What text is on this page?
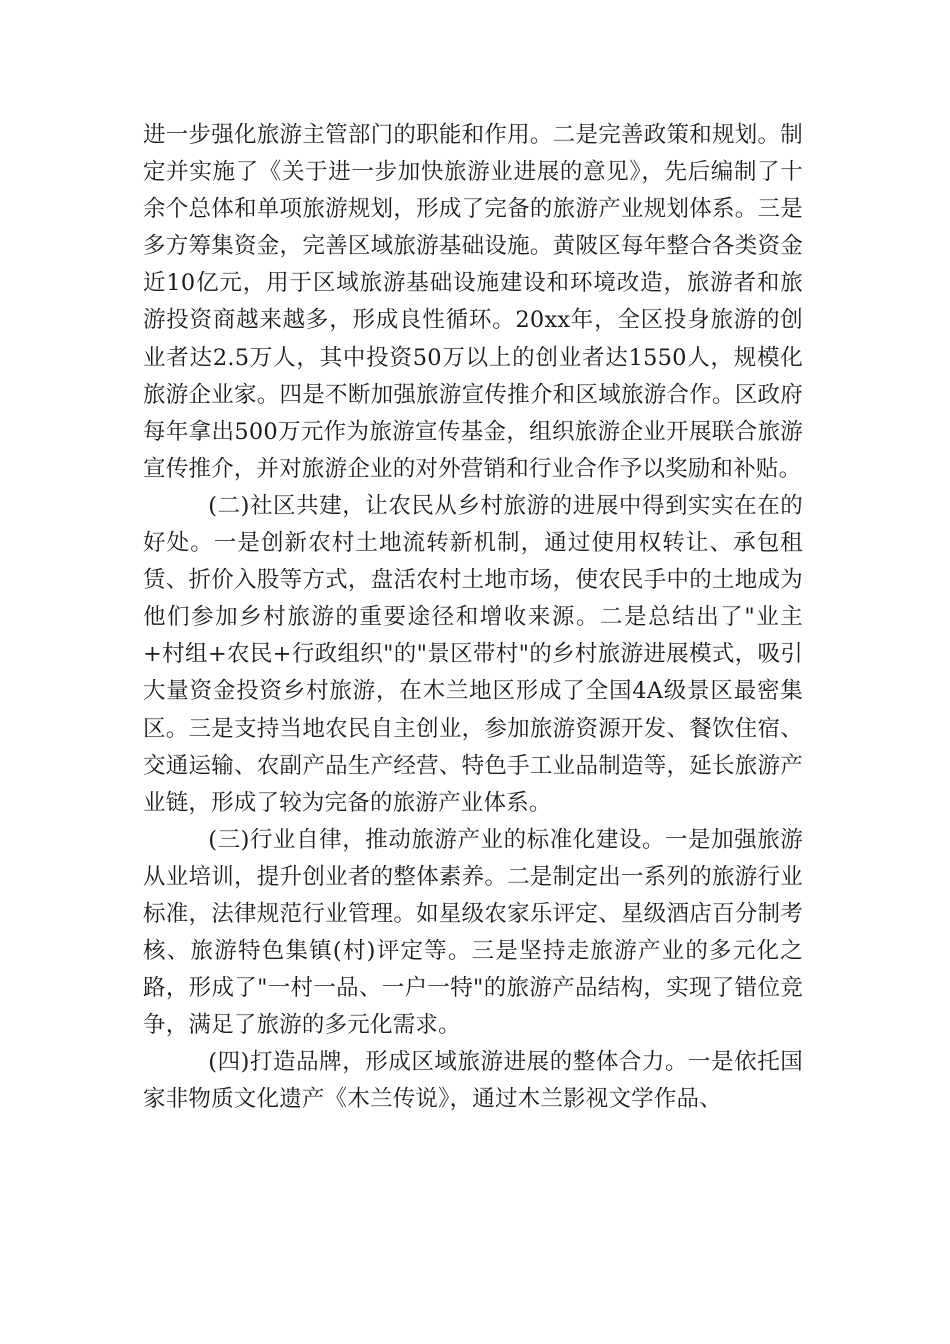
进一步强化旅游主管部门的职能和作用。二是完善政策和规划。制定并实施了《关于进一步加快旅游业进展的意见》，先后编制了十余个总体和单项旅游规划，形成了完备的旅游产业规划体系。三是多方筹集资金，完善区域旅游基础设施。黄陂区每年整合各类资金近10亿元，用于区域旅游基础设施建设和环境改造，旅游者和旅游投资商越来越多，形成良性循环。20xx年，全区投身旅游的创业者达2.5万人，其中投资50万以上的创业者达1550人，规模化旅游企业家。四是不断加强旅游宣传推介和区域旅游合作。区政府每年拿出500万元作为旅游宣传基金，组织旅游企业开展联合旅游宣传推介，并对旅游企业的对外营销和行业合作予以奖励和补贴。

(二)社区共建，让农民从乡村旅游的进展中得到实实在在的好处。一是创新农村土地流转新机制，通过使用权转让、承包租赁、折价入股等方式，盘活农村土地市场，使农民手中的土地成为他们参加乡村旅游的重要途径和增收来源。二是总结出了"业主+村组+农民+行政组织"的"景区带村"的乡村旅游进展模式，吸引大量资金投资乡村旅游，在木兰地区形成了全国4A级景区最密集区。三是支持当地农民自主创业，参加旅游资源开发、餐饮住宿、交通运输、农副产品生产经营、特色手工业品制造等，延长旅游产业链，形成了较为完备的旅游产业体系。

(三)行业自律，推动旅游产业的标准化建设。一是加强旅游从业培训，提升创业者的整体素养。二是制定出一系列的旅游行业标准，法律规范行业管理。如星级农家乐评定、星级酒店百分制考核、旅游特色集镇(村)评定等。三是坚持走旅游产业的多元化之路，形成了"一村一品、一户一特"的旅游产品结构，实现了错位竞争，满足了旅游的多元化需求。

(四)打造品牌，形成区域旅游进展的整体合力。一是依托国家非物质文化遗产《木兰传说》，通过木兰影视文学作品、
